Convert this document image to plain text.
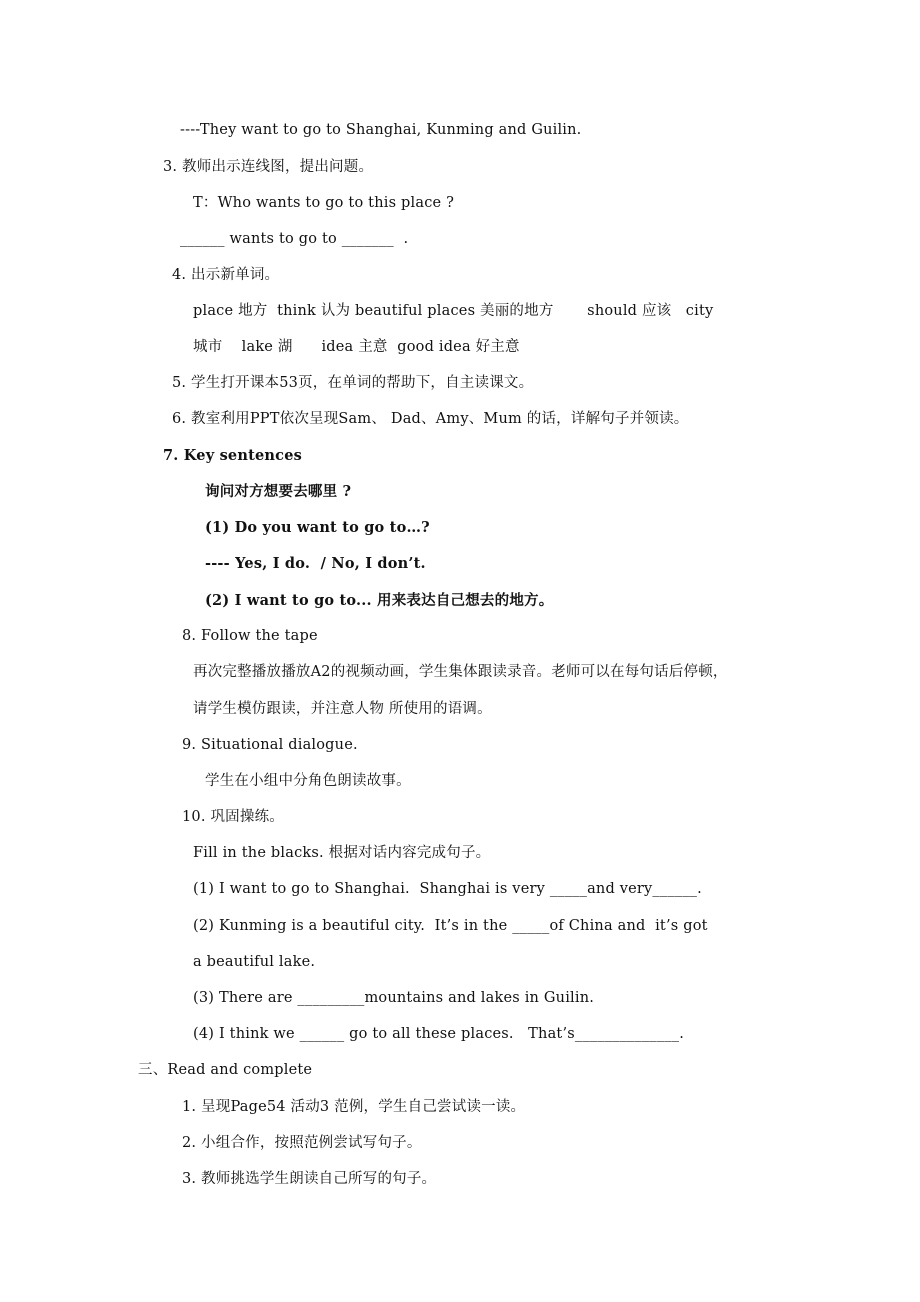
----They want to go to Shanghai, Kunming and Guilin.
3. 教师出示连线图，提出问题。
T：Who wants to go to this place ?
______ wants to go to _______  .
4. 出示新单词。
place 地方  think 认为 beautiful places 美丽的地方       should 应该   city
城市    lake 湖      idea 主意  good idea 好主意
5. 学生打开课本53页，在单词的帮助下，自主读课文。
6. 教室利用PPT依次呈现Sam、 Dad、Amy、Mum 的话，详解句子并领读。
7. Key sentences
询问对方想要去哪里 ?
(1) Do you want to go to…?
---- Yes, I do.  / No, I don’t.
(2) I want to go to... 用来表达自己想去的地方。
8. Follow the tape
再次完整播放播放A2的视频动画，学生集体跟读录音。老师可以在每句话后停顿，
请学生模仿跟读，并注意人物 所使用的语调。
9. Situational dialogue.
学生在小组中分角色朗读故事。
10. 巩固操练。
Fill in the blacks. 根据对话内容完成句子。
(1) I want to go to Shanghai.  Shanghai is very _____and very______.
(2) Kunming is a beautiful city.  It’s in the _____of China and  it’s got
a beautiful lake.
(3) There are _________mountains and lakes in Guilin.
(4) I think we ______ go to all these places.   That’s______________.
三、Read and complete
1. 呈现Page54 活动3 范例，学生自己尝试读一读。
2. 小组合作，按照范例尝试写句子。
3. 教师挑选学生朗读自己所写的句子。
